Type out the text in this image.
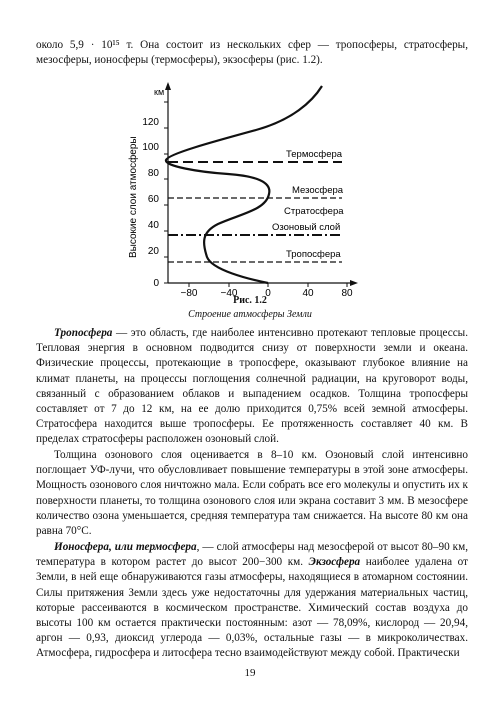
около 5,9 · 10¹⁵ т. Она состоит из нескольких сфер — тропосферы, стратосферы, мезосферы, ионосферы (термосферы), экзосферы (рис. 1.2).

км
0
20
40
60
80
100
120
Высокие слои атмосферы
−80 −40	0	40	80
Термосфера
Мезосфера
Стратосфера
Озоновый слой
Тропосфера
Рис. 1.2
Строение атмосферы Земли

Тропосфера — это область, где наиболее интенсивно протекают тепловые процессы. Тепловая энергия в основном подводится снизу от поверхности земли и океана. Физические процессы, протекающие в тропосфере, оказывают глубокое влияние на климат планеты, на процессы поглощения солнечной радиации, на круговорот воды, связанный с образованием облаков и выпадением осадков. Толщина тропосферы составляет от 7 до 12 км, на ее долю приходится 0,75% всей земной атмосферы. Стратосфера находится выше тропосферы. Ее протяженность составляет 40 км. В пределах стратосферы расположен озоновый слой.

Толщина озонового слоя оценивается в 8–10 км. Озоновый слой интенсивно поглощает УФ-лучи, что обусловливает повышение температуры в этой зоне атмосферы. Мощность озонового слоя ничтожно мала. Если собрать все его молекулы и опустить их к поверхности планеты, то толщина озонового слоя или экрана составит 3 мм. В мезосфере количество озона уменьшается, средняя температура там снижается. На высоте 80 км она равна 70°С.

Ионосфера, или термосфера, — слой атмосферы над мезосферой от высот 80–90 км, температура в котором растет до высот 200−300 км. Экзосфера наиболее удалена от Земли, в ней еще обнаруживаются газы атмосферы, находящиеся в атомарном состоянии. Силы притяжения Земли здесь уже недостаточны для удержания материальных частиц, которые рассеиваются в космическом пространстве. Химический состав воздуха до высоты 100 км остается практически постоянным: азот — 78,09%, кислород — 20,94, аргон — 0,93, диоксид углерода — 0,03%, остальные газы — в микроколичествах. Атмосфера, гидросфера и литосфера тесно взаимодействуют между собой. Практически

19
